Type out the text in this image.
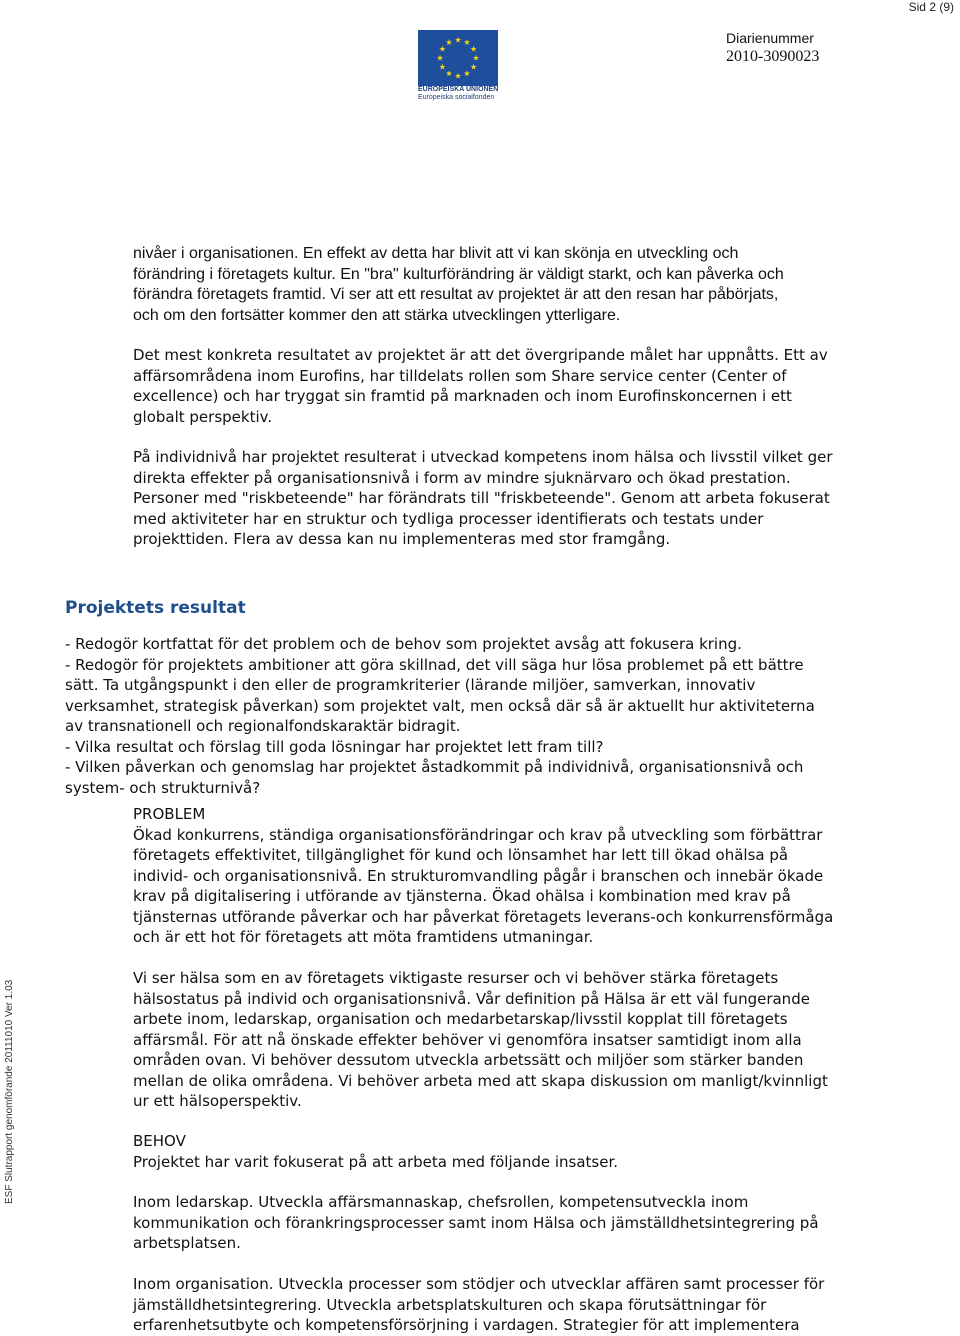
Sid 2 (9)
EUROPEISKA UNIONEN
Europeiska socialfonden
Diarienummer
2010-3090023
ESF Slutrapport genomförande 20111010 Ver 1.03
nivåer i organisationen. En effekt av detta har blivit att vi kan skönja en utveckling och
förändring i företagets kultur. En "bra" kulturförändring är väldigt starkt, och kan påverka och
förändra företagets framtid. Vi ser att ett resultat av projektet är att den resan har påbörjats,
och om den fortsätter kommer den att stärka utvecklingen ytterligare.
Det mest konkreta resultatet av projektet är att det övergripande målet har uppnåtts. Ett av
affärsområdena inom Eurofins, har tilldelats rollen som Share service center (Center of
excellence) och har tryggat sin framtid på marknaden och inom Eurofinskoncernen i ett
globalt perspektiv.
På individnivå har projektet resulterat i utveckad kompetens inom hälsa och livsstil vilket ger
direkta effekter på organisationsnivå i form av mindre sjuknärvaro och ökad prestation.
Personer med "riskbeteende" har förändrats till "friskbeteende". Genom att arbeta fokuserat
med aktiviteter har en struktur och tydliga processer identifierats och testats under
projekttiden. Flera av dessa kan nu implementeras med stor framgång.
Projektets resultat
- Redogör kortfattat för det problem och de behov som projektet avsåg att fokusera kring.
- Redogör för projektets ambitioner att göra skillnad, det vill säga hur lösa problemet på ett bättre
sätt. Ta utgångspunkt i den eller de programkriterier (lärande miljöer, samverkan, innovativ
verksamhet, strategisk påverkan) som projektet valt, men också där så är aktuellt hur aktiviteterna
av transnationell och regionalfondskaraktär bidragit.
- Vilka resultat och förslag till goda lösningar har projektet lett fram till?
- Vilken påverkan och genomslag har projektet åstadkommit på individnivå, organisationsnivå och
system- och strukturnivå?
PROBLEM
Ökad konkurrens, ständiga organisationsförändringar och krav på utveckling som förbättrar
företagets effektivitet, tillgänglighet för kund och lönsamhet har lett till ökad ohälsa på
individ- och organisationsnivå. En strukturomvandling pågår i branschen och innebär ökade
krav på digitalisering i utförande av tjänsterna. Ökad ohälsa i kombination med krav på
tjänsternas utförande påverkar och har påverkat företagets leverans-och konkurrensförmåga
och är ett hot för företagets att möta framtidens utmaningar.
Vi ser hälsa som en av företagets viktigaste resurser och vi behöver stärka företagets
hälsostatus på individ och organisationsnivå. Vår definition på Hälsa är ett väl fungerande
arbete inom, ledarskap, organisation och medarbetarskap/livsstil kopplat till företagets
affärsmål. För att nå önskade effekter behöver vi genomföra insatser samtidigt inom alla
områden ovan. Vi behöver dessutom utveckla arbetssätt och miljöer som stärker banden
mellan de olika områdena. Vi behöver arbeta med att skapa diskussion om manligt/kvinnligt
ur ett hälsoperspektiv.
BEHOV
Projektet har varit fokuserat på att arbeta med följande insatser.
Inom ledarskap. Utveckla affärsmannaskap, chefsrollen, kompetensutveckla inom
kommunikation och förankringsprocesser samt inom Hälsa och jämställdhetsintegrering på
arbetsplatsen.
Inom organisation. Utveckla processer som stödjer och utvecklar affären samt processer för
jämställdhetsintegrering. Utveckla arbetsplatskulturen och skapa förutsättningar för
erfarenhetsutbyte och kompetensförsörjning i vardagen. Strategier för att implementera
